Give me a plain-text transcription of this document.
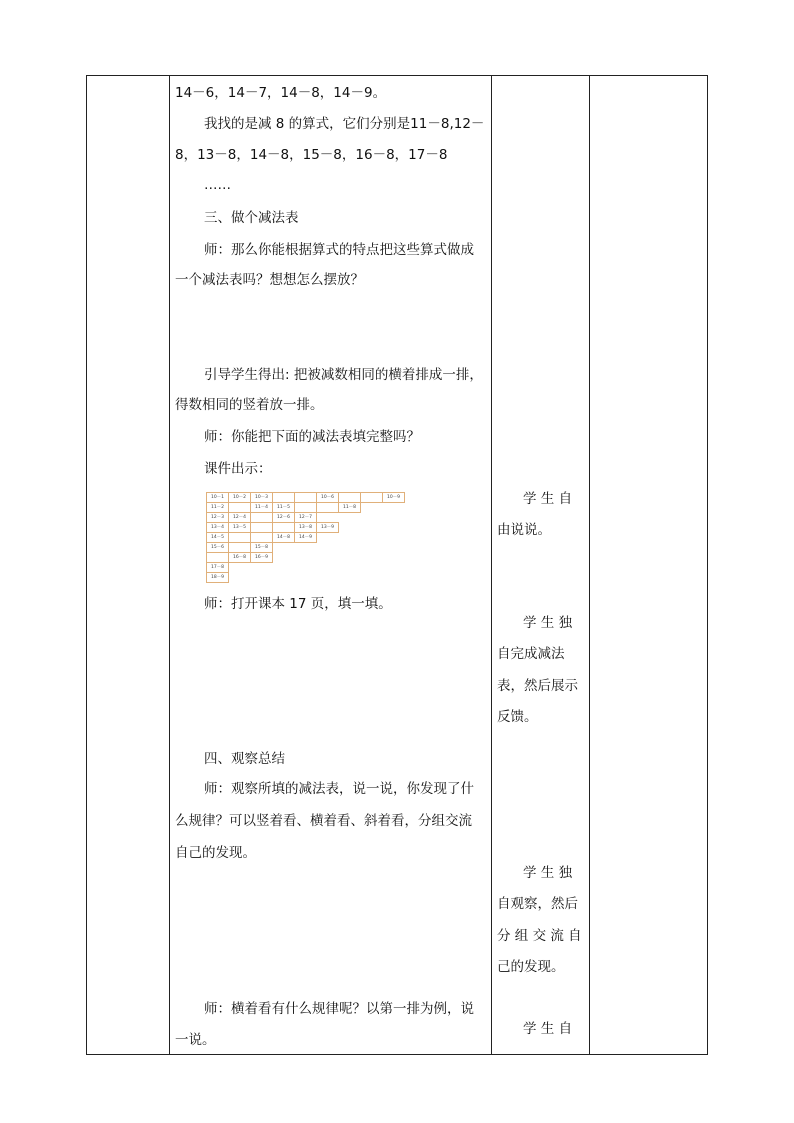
14－6，14－7，14－8，14－9。
我找的是减 8 的算式，它们分别是11－8,12－
8，13－8，14－8，15－8，16－8，17－8
……
三、做个减法表
师：那么你能根据算式的特点把这些算式做成
一个减法表吗？想想怎么摆放？
引导学生得出: 把被减数相同的横着排成一排，
得数相同的竖着放一排。
师：你能把下面的减法表填完整吗？
课件出示：
10－1	10－2	10－3			10－6			10－9
11－2		11－4	11－5			11－8		
12－3	12－4		12－6	12－7				
13－4	13－5			13－8	13－9			
14－5			14－8	14－9				
15－6		15－8						
	16－8	16－9						
17－8								
18－9								
师：打开课本 17 页，填一填。
四、观察总结
师：观察所填的减法表，说一说，你发现了什
么规律？可以竖着看、横着看、斜着看，分组交流
自己的发现。
师：横着看有什么规律呢？以第一排为例，说
一说。
学 生 自
由说说。
学 生 独
自完成减法
表，然后展示
反馈。
学 生 独
自观察，然后
分 组 交 流 自
己的发现。
学 生 自
